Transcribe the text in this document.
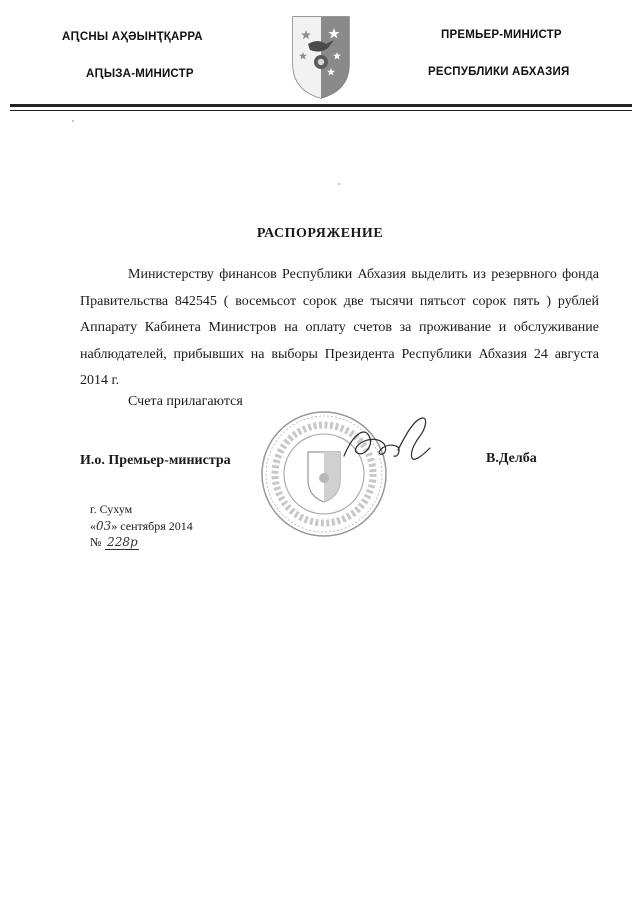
АԤСНЫ АҲӘЫНҬҚАРРА
АԤЫЗА-МИНИСТР
ПРЕМЬЕР-МИНИСТР
РЕСПУБЛИКИ АБХАЗИЯ
РАСПОРЯЖЕНИЕ
Министерству финансов Республики Абхазия выделить из резервного фонда Правительства 842545 ( восемьсот сорок две тысячи пятьсот сорок пять ) рублей Аппарату Кабинета Министров на оплату счетов за проживание и обслуживание наблюдателей, прибывших на выборы Президента Республики Абхазия 24 августа 2014 г.
Счета прилагаются
И.о. Премьер-министра	В.Делба
г. Сухум
«03» сентября 2014
№ 228р
